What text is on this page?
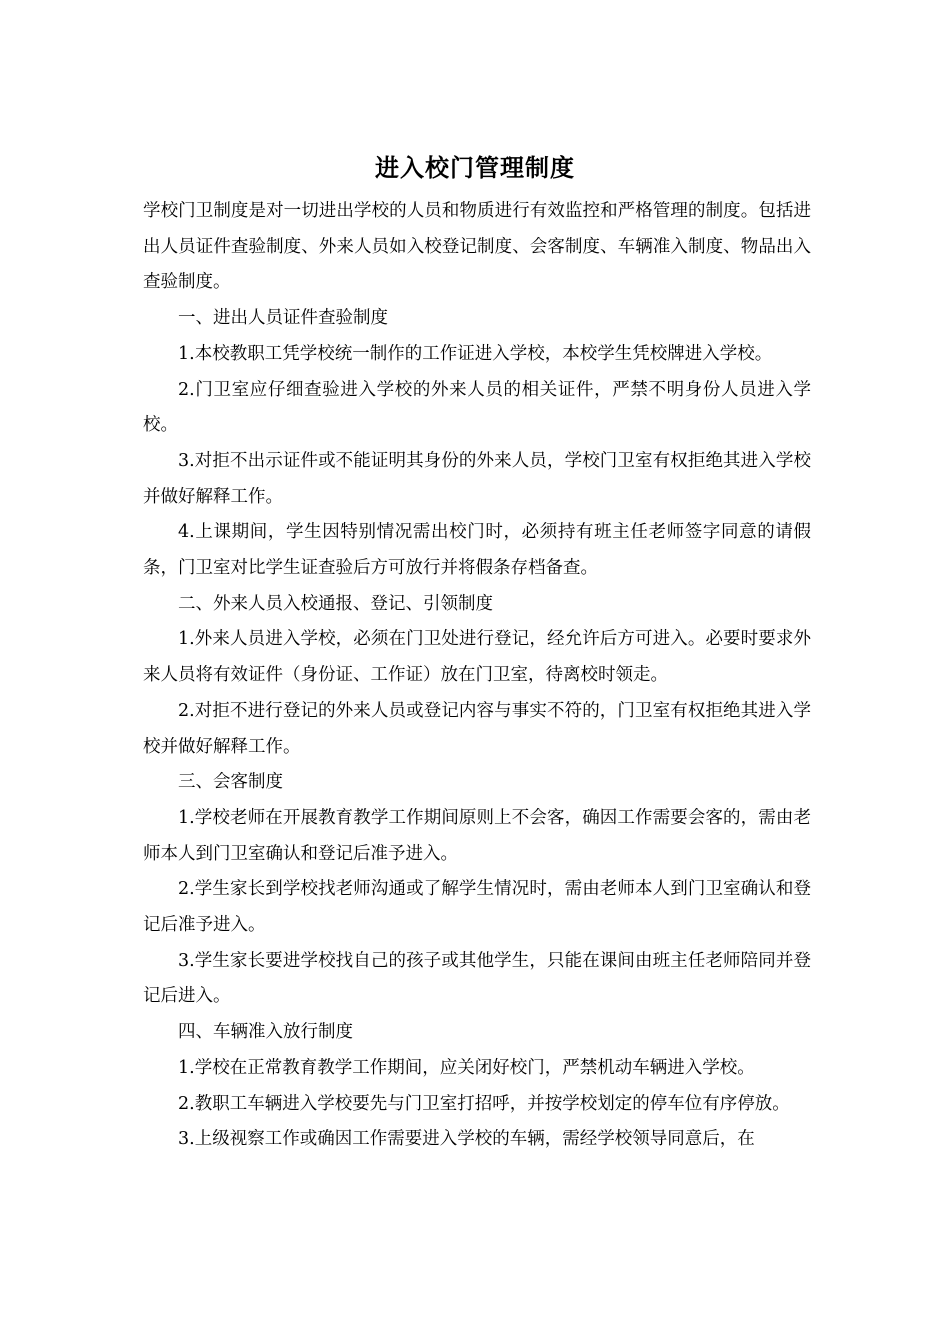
进入校门管理制度

学校门卫制度是对一切进出学校的人员和物质进行有效监控和严格管理的制度。包括进出人员证件查验制度、外来人员如入校登记制度、会客制度、车辆准入制度、物品出入查验制度。

一、进出人员证件查验制度

1.本校教职工凭学校统一制作的工作证进入学校，本校学生凭校牌进入学校。

2.门卫室应仔细查验进入学校的外来人员的相关证件，严禁不明身份人员进入学校。

3.对拒不出示证件或不能证明其身份的外来人员，学校门卫室有权拒绝其进入学校并做好解释工作。

4.上课期间，学生因特别情况需出校门时，必须持有班主任老师签字同意的请假条，门卫室对比学生证查验后方可放行并将假条存档备查。

二、外来人员入校通报、登记、引领制度

1.外来人员进入学校，必须在门卫处进行登记，经允许后方可进入。必要时要求外来人员将有效证件（身份证、工作证）放在门卫室，待离校时领走。

2.对拒不进行登记的外来人员或登记内容与事实不符的，门卫室有权拒绝其进入学校并做好解释工作。

三、会客制度

1.学校老师在开展教育教学工作期间原则上不会客，确因工作需要会客的，需由老师本人到门卫室确认和登记后准予进入。

2.学生家长到学校找老师沟通或了解学生情况时，需由老师本人到门卫室确认和登记后准予进入。

3.学生家长要进学校找自己的孩子或其他学生，只能在课间由班主任老师陪同并登记后进入。

四、车辆准入放行制度

1.学校在正常教育教学工作期间，应关闭好校门，严禁机动车辆进入学校。

2.教职工车辆进入学校要先与门卫室打招呼，并按学校划定的停车位有序停放。

3.上级视察工作或确因工作需要进入学校的车辆，需经学校领导同意后，在
